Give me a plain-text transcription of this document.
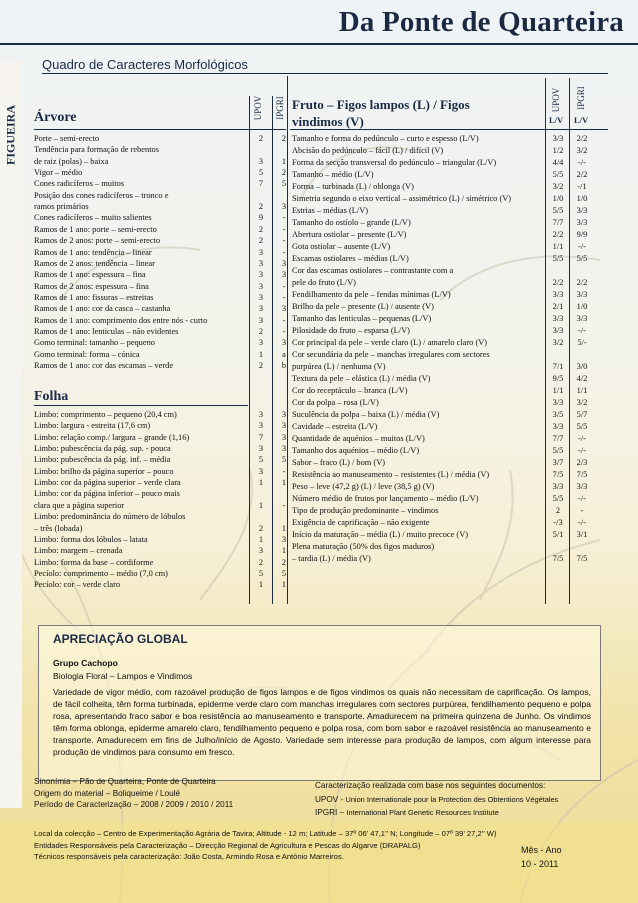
Da Ponte de Quarteira
FIGUEIRA
Quadro de Caracteres Morfológicos
Árvore	UPOV IPGRI
Porte – semi-erecto	2	2
Tendência para formação de rebentos
de raiz (polas) – baixa	3	1
Vigor – médio	5	2
Cones radicíferos – muitos	7	5
Posição dos cones radicíferos – tronco e
ramos primários	2	3
Cones radicíferos – muito salientes	9	-
Ramos de 1 ano: porte – semi-erecto	2	-
Ramos de 2 anos: porte – semi-erecto	2	-
Ramos de 1 ano: tendência – linear	3	-
Ramos de 2 anos: tendência – linear	3	3
Ramos de 1 ano: espessura – fina	3	3
Ramos de 2 anos: espessura – fina	3	-
Ramos de 1 ano: fissuras – estreitas	3	-
Ramos de 1 ano: cor da casca – castanha	3	3
Ramos de 1 ano: comprimento dos entre nós - curto	3	-
Ramos de 1 ano: lenticulas – não evidentes	2	-
Gomo terminal: tamanho – pequeno	3	3
Gomo terminal: forma – cónica	1	a
Ramos de 1 ano: cor das escamas – verde	2	b
Folha
Limbo: comprimento – pequeno (20,4 cm)	3	3
Limbo: largura - estreita (17,6 cm)	3	3
Limbo: relação comp./ largura – grande (1,16)	7	3
Limbo: pubescência da pág. sup. - pouca	3	3
Limbo: pubescência da pág. inf. – média	5	5
Limbo: brilho da página superior – pouco	3	-
Limbo: cor da página superior – verde clara	1	1
Limbo: cor da página inferior – pouco mais
clara que a página superior	1	-
Limbo: predominância do número de lóbulos
– três (lobada)	2	1
Limbo: forma dos lóbulos – latata	1	3
Limbo: margem – crenada	3	1
Limbo: forma da base – cordiforme	2	2
Pecíolo: comprimento – médio (7,0 cm)	5	5
Pecíolo: cor – verde claro	1	1
Fruto – Figos lampos (L) / Figos
vindimos (V)
UPOV IPGRI
L/V L/V
Tamanho e forma do pedúnculo – curto e espesso (L/V)	3/3	2/2
Abcisão do pedúnculo – fácil (L) / difícil (V)	1/2	3/2
Forma da secção transversal do pedúnculo – triangular (L/V)	4/4	-/-
Tamanho – médio (L/V)	5/5	2/2
Forma – turbinada (L) / oblonga (V)	3/2	-/1
Simetria segundo o eixo vertical – assimétrico (L) / simétrico (V)	1/0	1/0
Estrias – médias (L/V)	5/5	3/3
Tamanho do ostíolo – grande (L/V)	7/7	3/3
Abertura ostiolar – presente (L/V)	2/2	9/9
Gota ostiolar – ausente (L/V)	1/1	-/-
Escamas ostiolares – médias (L/V)	5/5	5/5
Cor das escamas ostiolares – contrastante com a
pele do fruto (L/V)	2/2	2/2
Fendilhamento da pele – fendas mínimas (L/V)	3/3	3/3
Brilho da pele – presente (L) / ausente (V)	2/1	1/0
Tamanho das lenticulas – pequenas (L/V)	3/3	3/3
Pilosidade do fruto – esparsa (L/V)	3/3	-/-
Cor principal da pele – verde claro (L) / amarelo claro (V)	3/2	5/-
Cor secundária da pele – manchas irregulares com sectores
purpúrea (L) / nenhuma (V)	7/1	3/0
Textura da pele – elástica (L) / média (V)	9/5	4/2
Cor do receptáculo – branca (L/V)	1/1	1/1
Cor da polpa – rosa (L/V)	3/3	3/2
Suculência da polpa – baixa (L) / média (V)	3/5	5/7
Cavidade – estreita (L/V)	3/3	5/5
Quantidade de aquénios – muitos (L/V)	7/7	-/-
Tamanho dos aquénios – médio (L/V)	5/5	-/-
Sabor – fraco (L) / bom (V)	3/7	2/3
Resistência ao manuseamento – resistentes (L) / média (V)	7/5	7/5
Peso – leve (47,2 g) (L) / leve (38,5 g) (V)	3/3	3/3
Número médio de frutos por lançamento – médio (L/V)	5/5	-/-
Tipo de produção predominante – vindimos	2	-
Exigência de caprificação – não exigente	-/3	-/-
Início da maturação – média (L) / muito precoce (V)	5/1	3/1
Plena maturação (50% dos figos maduros)
– tardia (L) / média (V)	7/5	7/5
APRECIAÇÃO GLOBAL
Grupo Cachopo
Biologia Floral – Lampos e Vindimos
Variedade de vigor médio, com razoável produção de figos lampos e de figos vindimos os quais não necessitam de caprificação. Os lampos, de fácil colheita, têm forma turbinada, epiderme verde claro com manchas irregulares com sectores purpúrea, fendilhamento pequeno e polpa rosa, apresentando fraco sabor e boa resistência ao manuseamento e transporte. Amadurecem na primeira quinzena de Junho. Os vindimos têm forma oblonga, epiderme amarelo claro, fendilhamento pequeno e polpa rosa, com bom sabor e razoável resistência ao manuseamento e transporte. Amadurecem em fins de Julho/início de Agosto. Variedade sem interesse para produção de lampos, com algum interesse para produção de vindimos para consumo em fresco.
Sinonímia – Pão de Quarteira, Ponte de Quarteira
Origem do material – Boliqueime / Loulé
Período de Caracterização – 2008 / 2009 / 2010 / 2011
Caracterização realizada com base nos seguintes documentos:
UPOV - Union Internationale pour la Protection des Obtentions Végétales
IPGRI – International Plant Genetic Resources Institute
Local da colecção – Centro de Experimentação Agrária de Tavira; Altitude - 12 m; Latitude – 37º 06’ 47,1’’ N; Longitude – 07º 39’ 27,2’’ W)
Entidades Responsáveis pela Caracterização – Direcção Regional de Agricultura e Pescas do Algarve (DRAPALG)
Técnicos responsáveis pela caracterização: João Costa, Armindo Rosa e António Marreiros.
Mês - Ano
10 - 2011
